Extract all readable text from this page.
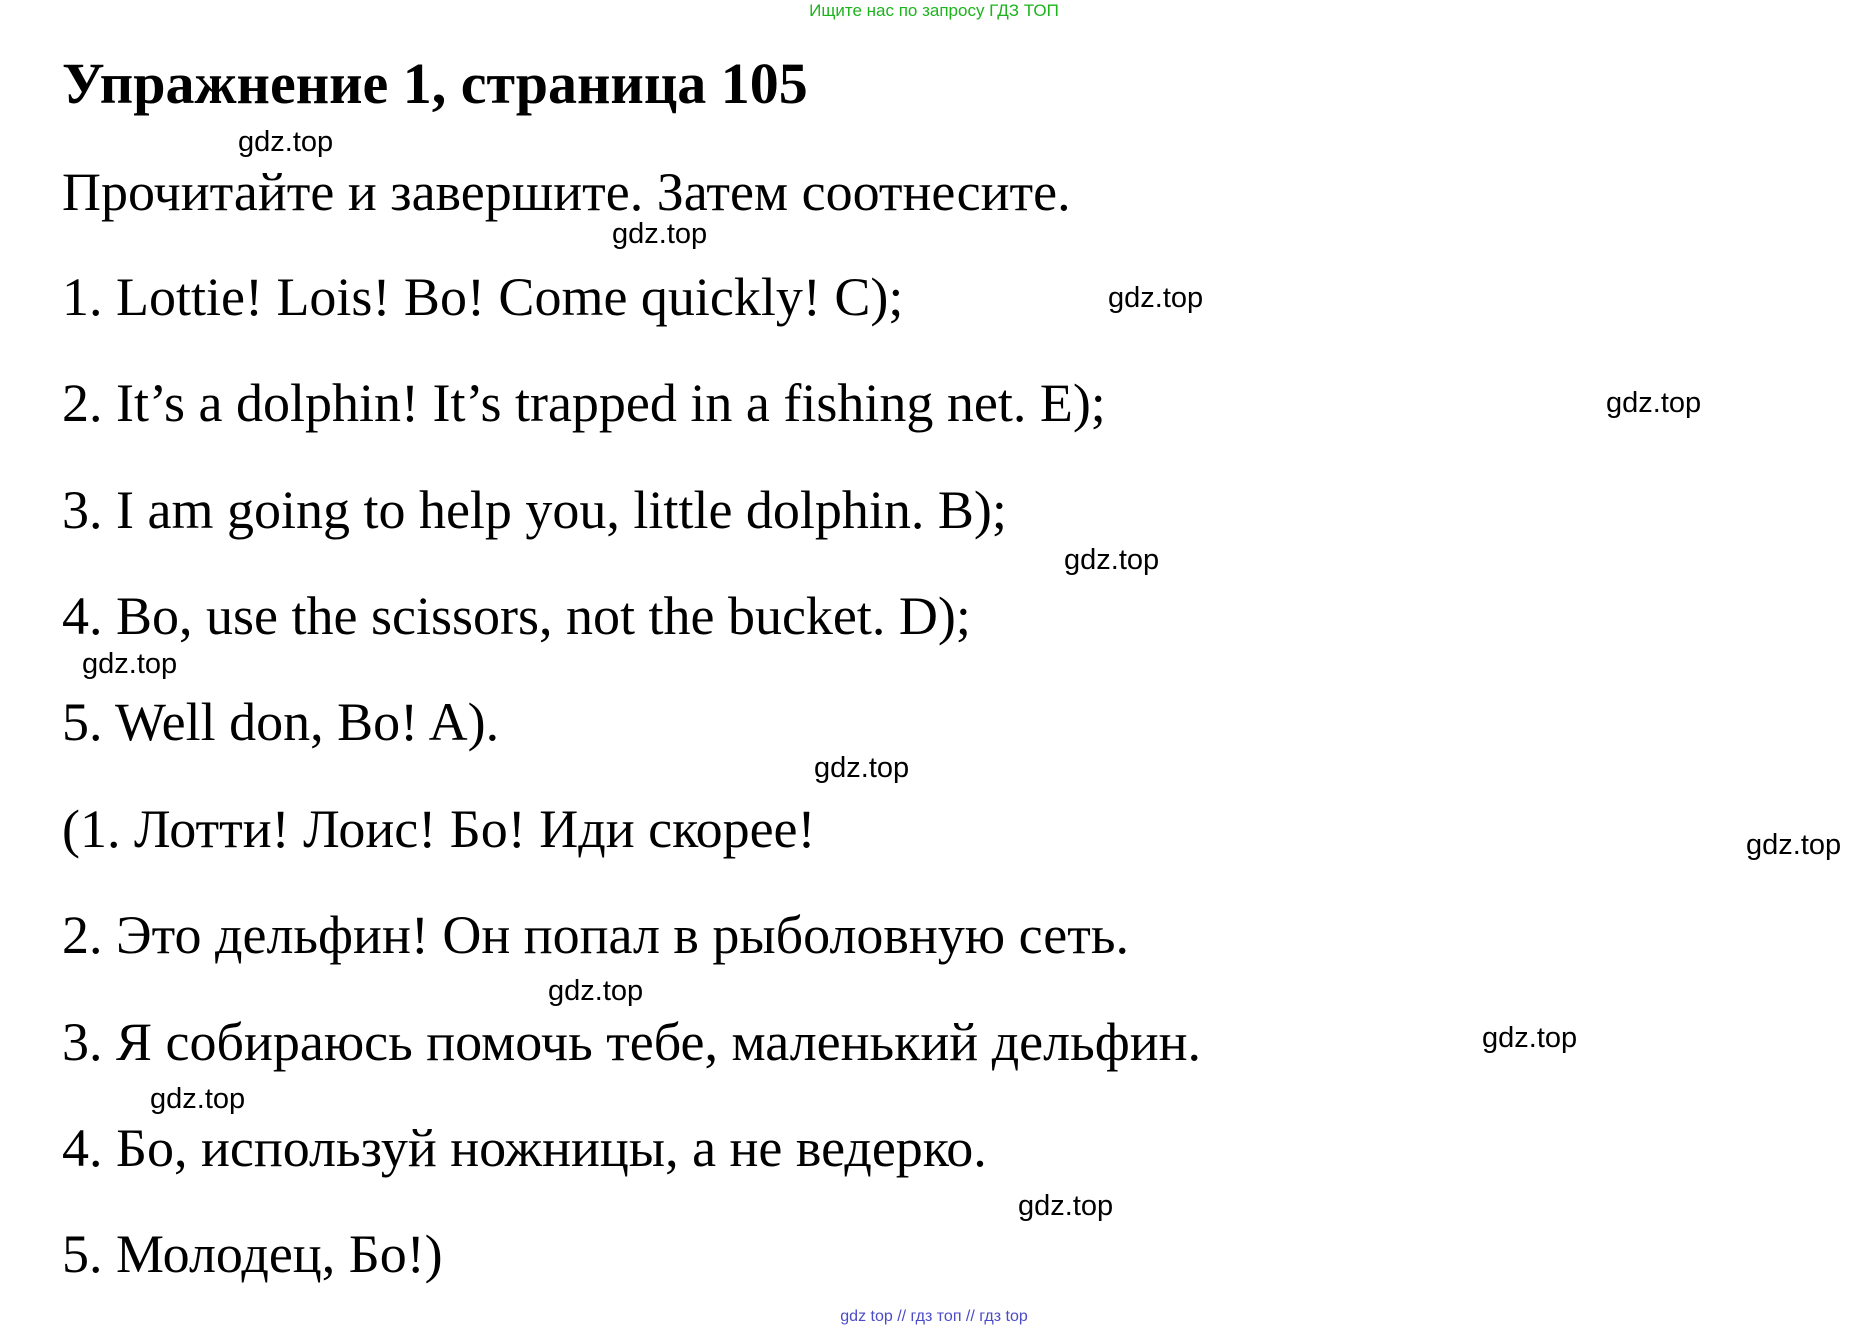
Ищите нас по запросу ГДЗ ТОП
Упражнение 1, страница 105
Прочитайте и завершите. Затем соотнесите.
1. Lottie! Lois! Bo! Come quickly! C);
2. It’s a dolphin! It’s trapped in a fishing net. E);
3. I am going to help you, little dolphin. B);
4. Bo, use the scissors, not the bucket. D);
5. Well don, Bo! A).
(1. Лотти! Лоис! Бо! Иди скорее!
2. Это дельфин! Он попал в рыболовную сеть.
3. Я собираюсь помочь тебе, маленький дельфин.
4. Бо, используй ножницы, а не ведерко.
5. Молодец, Бо!)
gdz.top
gdz.top
gdz.top
gdz.top
gdz.top
gdz.top
gdz.top
gdz.top
gdz.top
gdz.top
gdz.top
gdz.top
gdz top // гдз топ // гдз top
